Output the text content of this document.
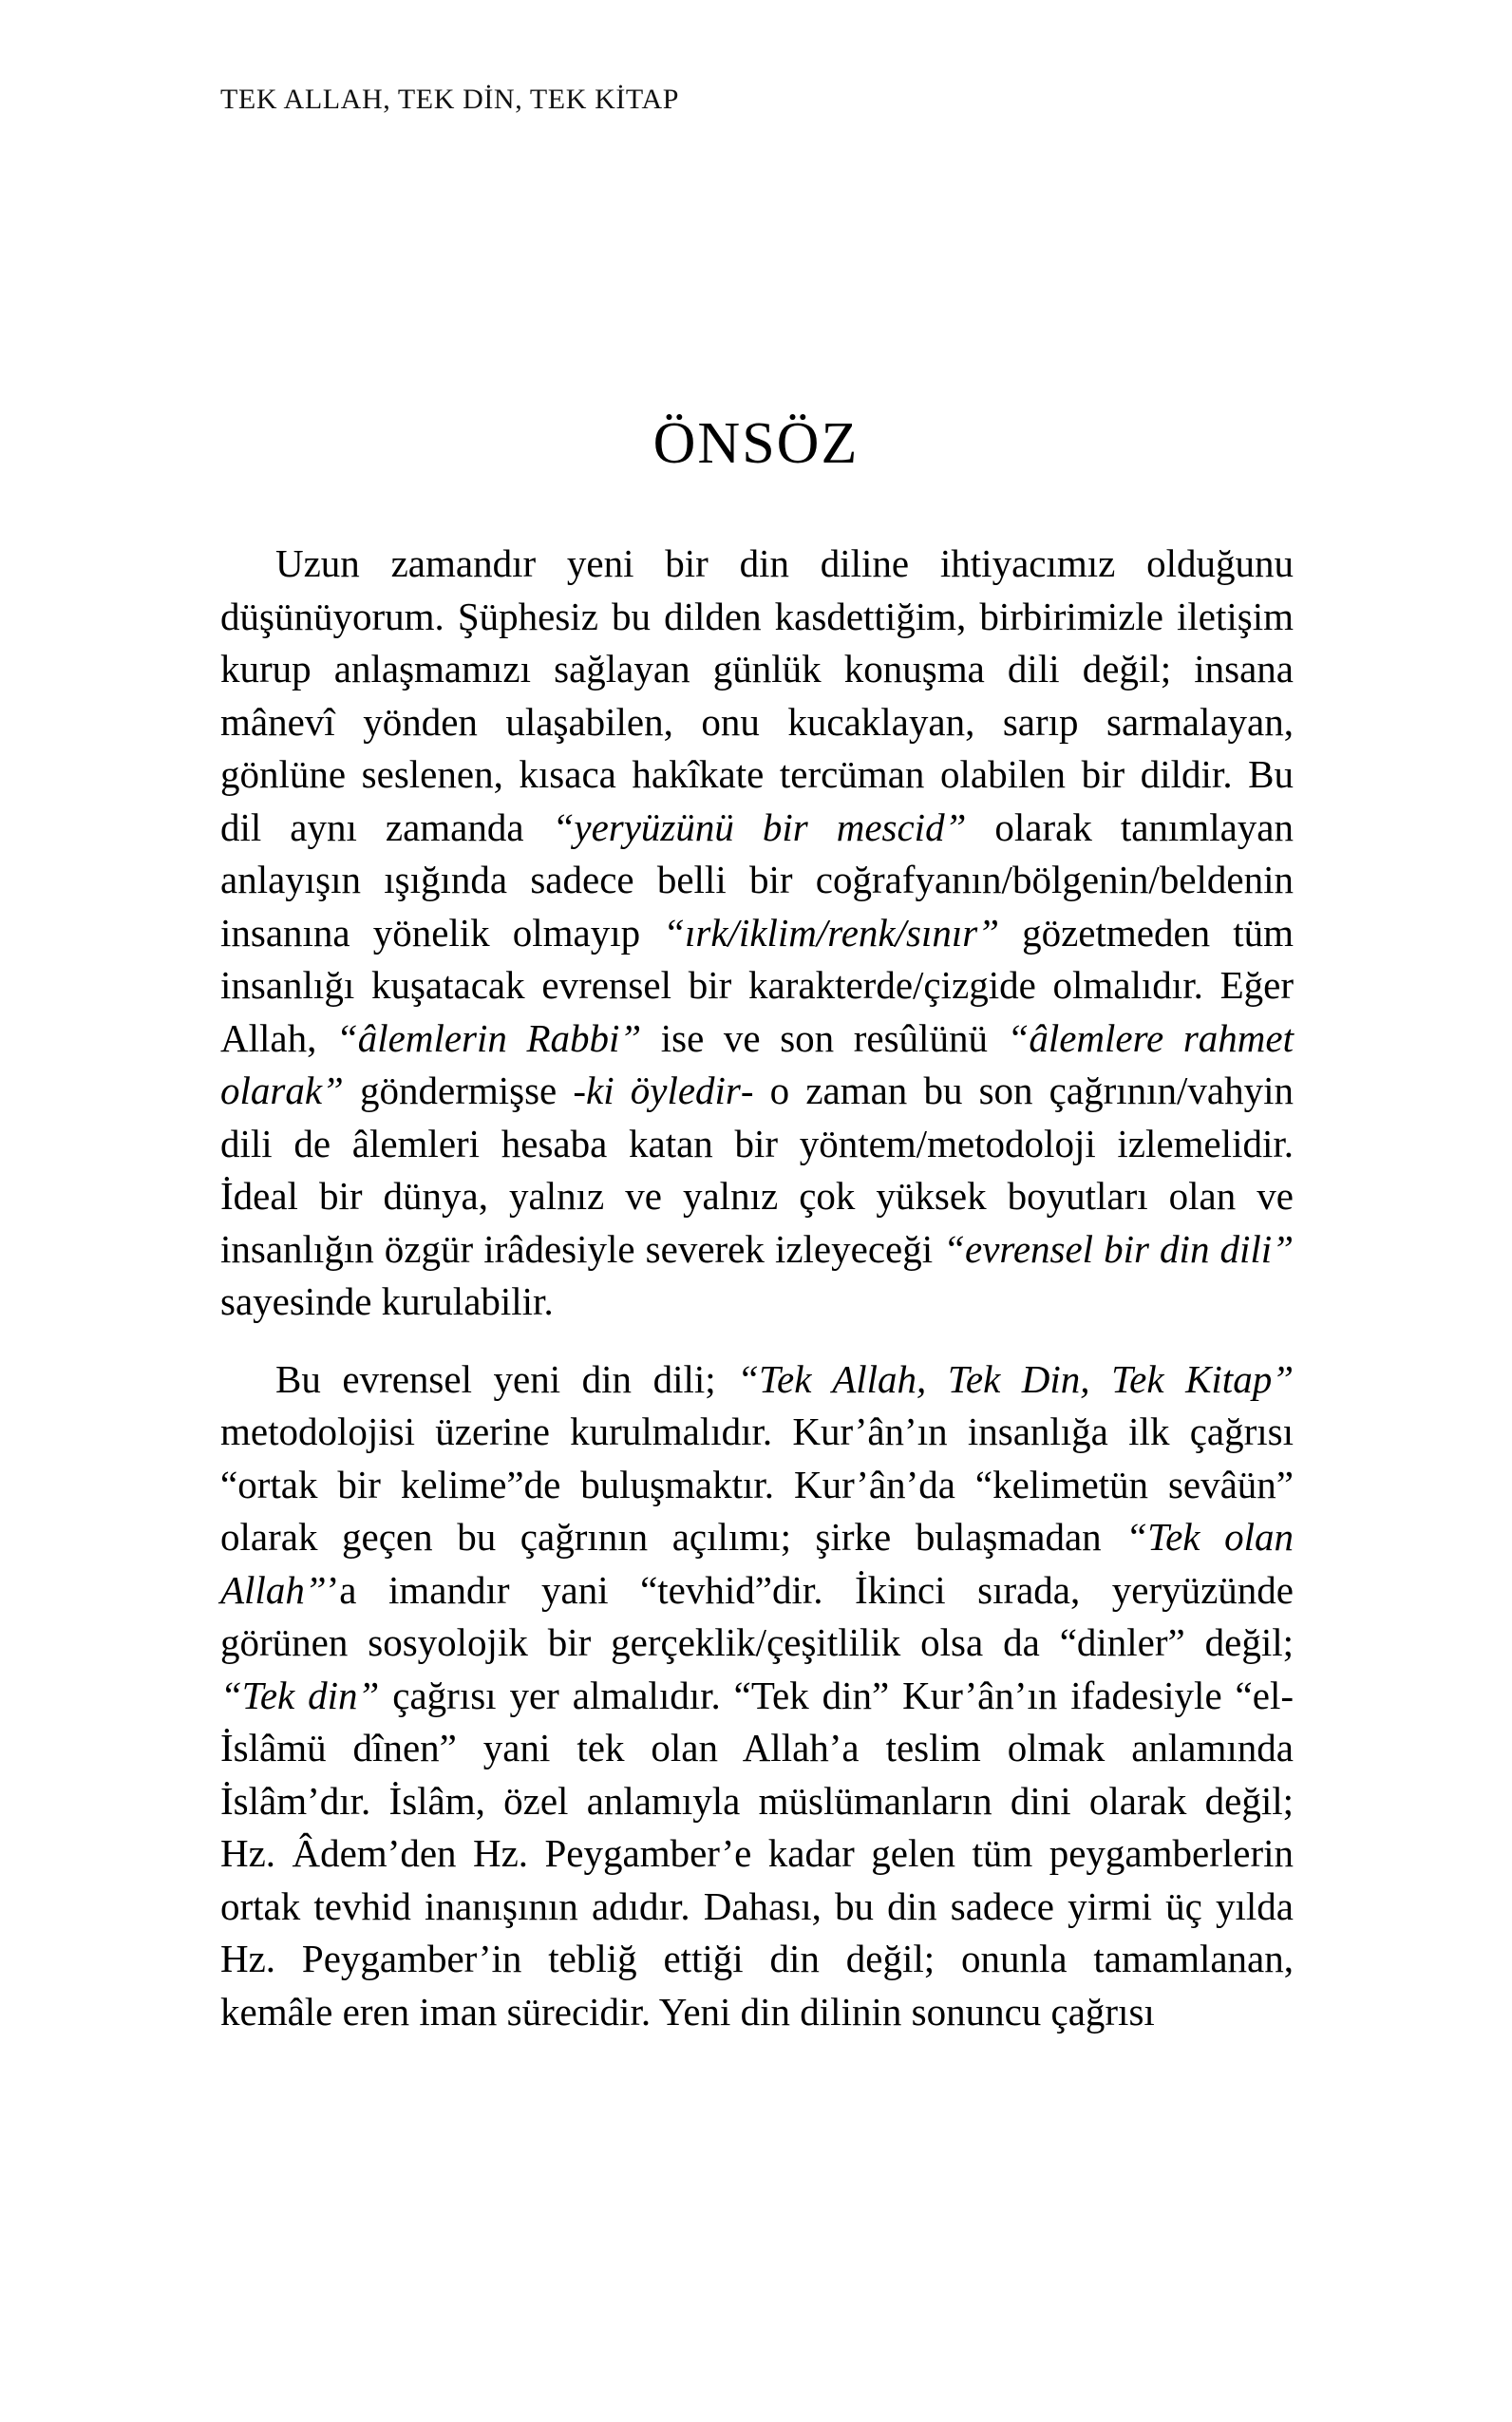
TEK ALLAH, TEK DİN, TEK KİTAP
ÖNSÖZ

Uzun zamandır yeni bir din diline ihtiyacımız olduğunu düşünüyorum. Şüphesiz bu dilden kasdettiğim, birbirimizle iletişim kurup anlaşmamızı sağlayan günlük konuşma dili değil; insana mânevî yönden ulaşabilen, onu kucaklayan, sarıp sarmalayan, gönlüne seslenen, kısaca hakîkate tercüman olabilen bir dildir. Bu dil aynı zamanda “yeryüzünü bir mescid” olarak tanımlayan anlayışın ışığında sadece belli bir coğrafyanın/bölgenin/beldenin insanına yönelik olmayıp “ırk/iklim/renk/sınır” gözetmeden tüm insanlığı kuşatacak evrensel bir karakterde/çizgide olmalıdır. Eğer Allah, “âlemlerin Rabbi” ise ve son resûlünü “âlemlere rahmet olarak” göndermişse -ki öyledir- o zaman bu son çağrının/vahyin dili de âlemleri hesaba katan bir yöntem/metodoloji izlemelidir. İdeal bir dünya, yalnız ve yalnız çok yüksek boyutları olan ve insanlığın özgür irâdesiyle severek izleyeceği “evrensel bir din dili” sayesinde kurulabilir.

Bu evrensel yeni din dili; “Tek Allah, Tek Din, Tek Kitap” metodolojisi üzerine kurulmalıdır. Kur’ân’ın insanlığa ilk çağrısı “ortak bir kelime”de buluşmaktır. Kur’ân’da “kelimetün sevâün” olarak geçen bu çağrının açılımı; şirke bulaşmadan “Tek olan Allah”’a imandır yani “tevhid”dir. İkinci sırada, yeryüzünde görünen sosyolojik bir gerçeklik/çeşitlilik olsa da “dinler” değil; “Tek din” çağrısı yer almalıdır. “Tek din” Kur’ân’ın ifadesiyle “el-İslâmü dînen” yani tek olan Allah’a teslim olmak anlamında İslâm’dır. İslâm, özel anlamıyla müslümanların dini olarak değil; Hz. Âdem’den Hz. Peygamber’e kadar gelen tüm peygamberlerin ortak tevhid inanışının adıdır. Dahası, bu din sadece yirmi üç yılda Hz. Peygamber’in tebliğ ettiği din değil; onunla tamamlanan, kemâle eren iman sürecidir. Yeni din dilinin sonuncu çağrısı
